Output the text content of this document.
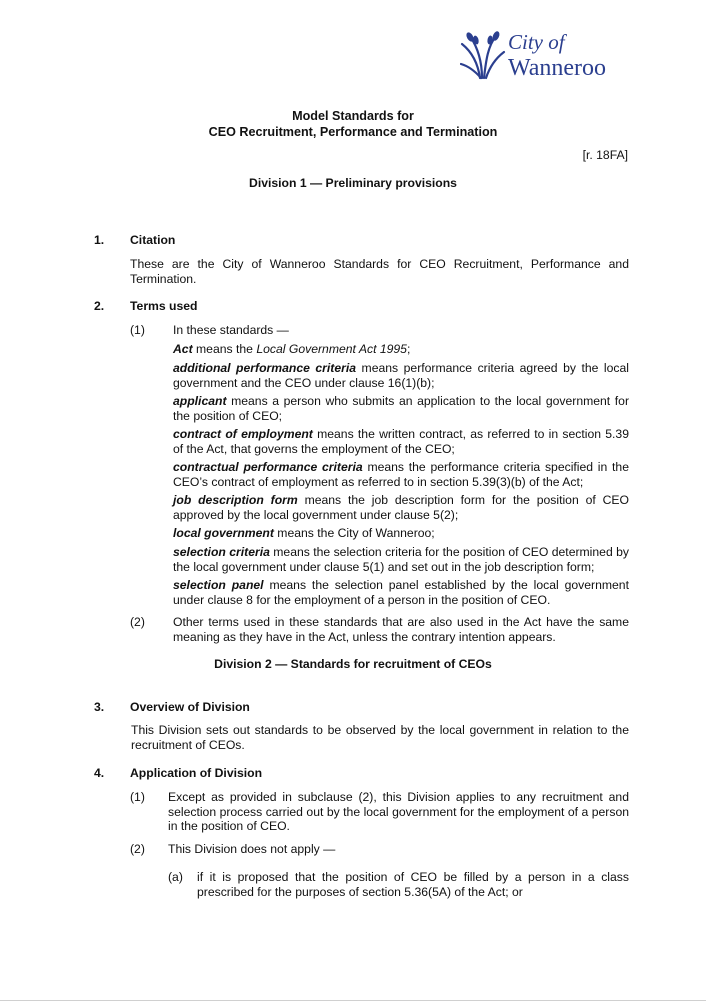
City of
Wanneroo
Model Standards for
CEO Recruitment, Performance and Termination
[r. 18FA]
Division 1 — Preliminary provisions
1. Citation
These are the City of Wanneroo Standards for CEO Recruitment, Performance and Termination.
2. Terms used
(1) In these standards —
Act means the Local Government Act 1995;
additional performance criteria means performance criteria agreed by the local government and the CEO under clause 16(1)(b);
applicant means a person who submits an application to the local government for the position of CEO;
contract of employment means the written contract, as referred to in section 5.39 of the Act, that governs the employment of the CEO;
contractual performance criteria means the performance criteria specified in the CEO’s contract of employment as referred to in section 5.39(3)(b) of the Act;
job description form means the job description form for the position of CEO approved by the local government under clause 5(2);
local government means the City of Wanneroo;
selection criteria means the selection criteria for the position of CEO determined by the local government under clause 5(1) and set out in the job description form;
selection panel means the selection panel established by the local government under clause 8 for the employment of a person in the position of CEO.
(2) Other terms used in these standards that are also used in the Act have the same meaning as they have in the Act, unless the contrary intention appears.
Division 2 — Standards for recruitment of CEOs
3. Overview of Division
This Division sets out standards to be observed by the local government in relation to the recruitment of CEOs.
4. Application of Division
(1) Except as provided in subclause (2), this Division applies to any recruitment and selection process carried out by the local government for the employment of a person in the position of CEO.
(2) This Division does not apply —
(a) if it is proposed that the position of CEO be filled by a person in a class prescribed for the purposes of section 5.36(5A) of the Act; or
